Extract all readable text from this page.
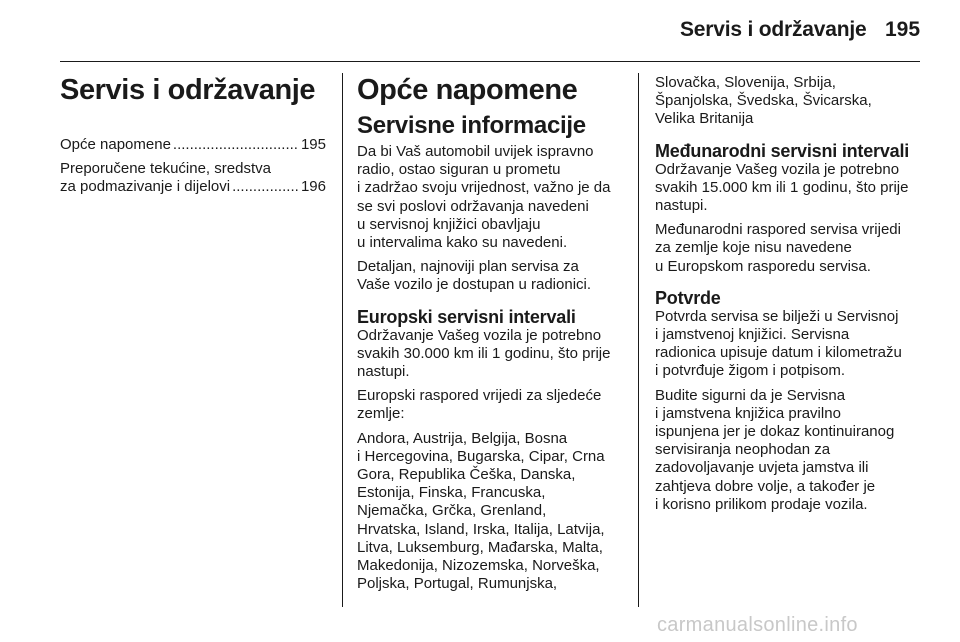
Servis i održavanje 195
Servis i održavanje
Opće napomene .....	195
Preporučene tekućine, sredstva
za podmazivanje i dijelovi .....	196
Opće napomene
Servisne informacije

Da bi Vaš automobil uvijek ispravno
radio, ostao siguran u prometu
i zadržao svoju vrijednost, važno je da
se svi poslovi održavanja navedeni
u servisnoj knjižici obavljaju
u intervalima kako su navedeni.

Detaljan, najnoviji plan servisa za
Vaše vozilo je dostupan u radionici.

Europski servisni intervali

Održavanje Vašeg vozila je potrebno
svakih 30.000 km ili 1 godinu, što prije
nastupi.

Europski raspored vrijedi za sljedeće
zemlje:

Andora, Austrija, Belgija, Bosna
i Hercegovina, Bugarska, Cipar, Crna
Gora, Republika Češka, Danska,
Estonija, Finska, Francuska,
Njemačka, Grčka, Grenland,
Hrvatska, Island, Irska, Italija, Latvija,
Litva, Luksemburg, Mađarska, Malta,
Makedonija, Nizozemska, Norveška,
Poljska, Portugal, Rumunjska,

Slovačka, Slovenija, Srbija,
Španjolska, Švedska, Švicarska,
Velika Britanija

Međunarodni servisni intervali

Održavanje Vašeg vozila je potrebno
svakih 15.000 km ili 1 godinu, što prije
nastupi.

Međunarodni raspored servisa vrijedi
za zemlje koje nisu navedene
u Europskom rasporedu servisa.

Potvrde

Potvrda servisa se bilježi u Servisnoj
i jamstvenoj knjižici. Servisna
radionica upisuje datum i kilometražu
i potvrđuje žigom i potpisom.

Budite sigurni da je Servisna
i jamstvena knjižica pravilno
ispunjena jer je dokaz kontinuiranog
servisiranja neophodan za
zadovoljavanje uvjeta jamstva ili
zahtjeva dobre volje, a također je
i korisno prilikom prodaje vozila.

carmanualsonline.info
